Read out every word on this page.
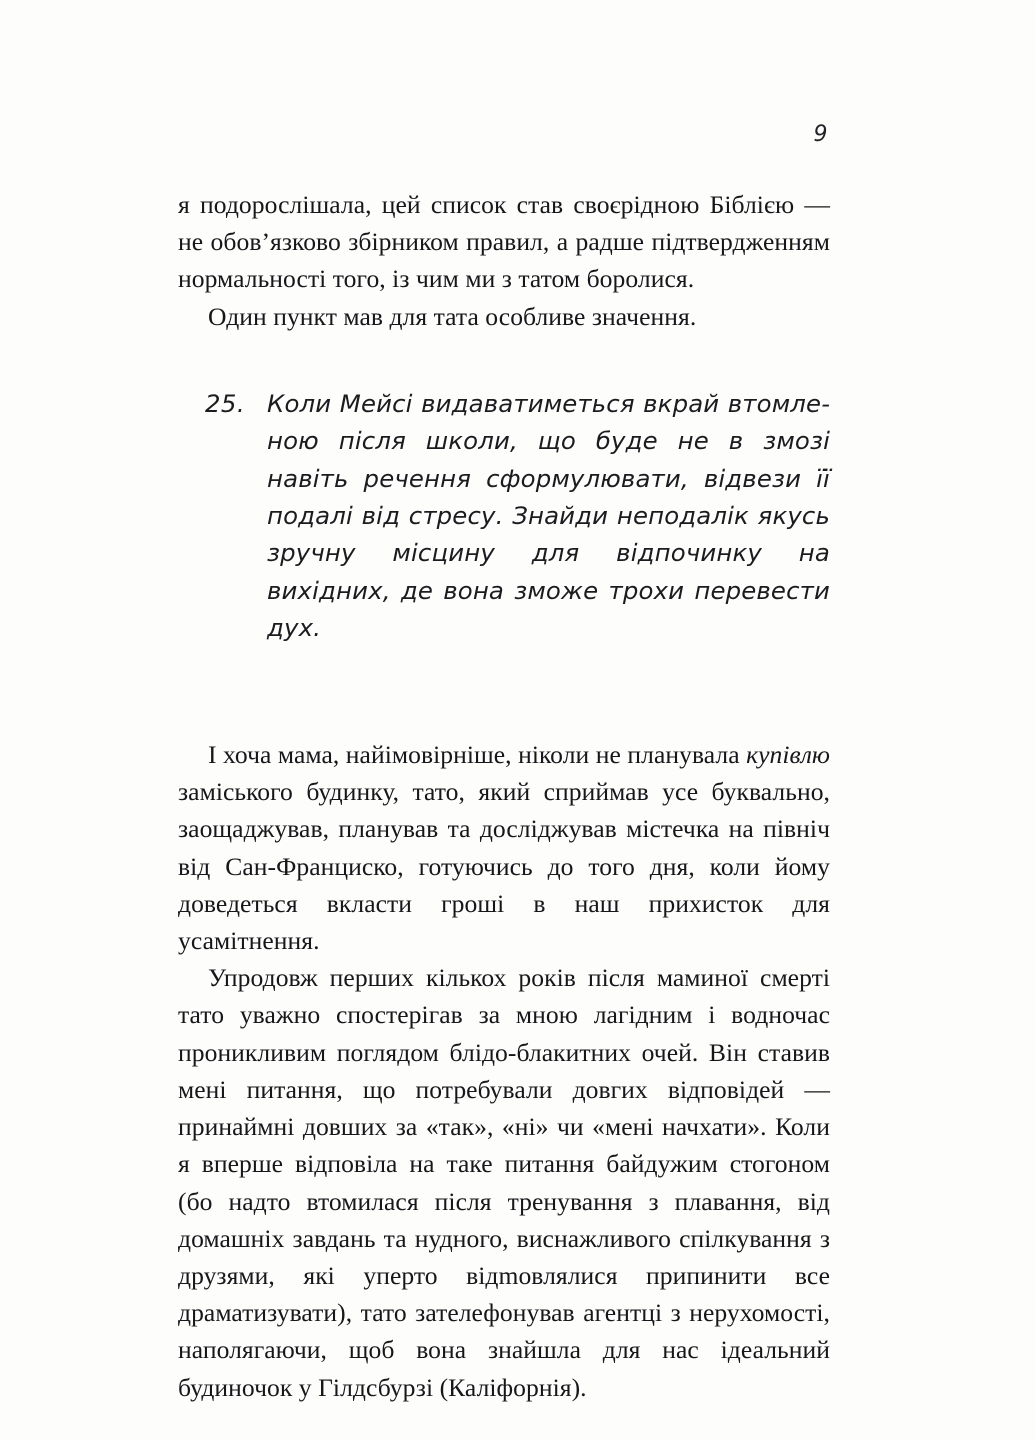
9

я подорослішала, цей список став своєрідною Біблією — не обов’язково збірником правил, а радше підтвердженням нормальності того, із чим ми з татом боролися.

Один пункт мав для тата особливе значення.

25. Коли Мейсі видаватиметься вкрай втомленою після школи, що буде не в змозі навіть речення сформулювати, відвези її подалі від стресу. Знайди неподалік якусь зручну місцину для відпочинку на вихідних, де вона зможе трохи перевести дух.

І хоча мама, найімовірніше, ніколи не планувала купівлю заміського будинку, тато, який сприймав усе буквально, заощаджував, планував та досліджував містечка на північ від Сан-Франциско, готуючись до того дня, коли йому доведеться вкласти гроші в наш прихисток для усамітнення.

Упродовж перших кількох років після маминої смерті тато уважно спостерігав за мною лагідним і водночас проникливим поглядом блідо-блакитних очей. Він ставив мені питання, що потребували довгих відповідей — принаймні довших за «так», «ні» чи «мені начхати». Коли я вперше відповіла на таке питання байдужим стогоном (бо надто втомилася після тренування з плавання, від домашніх завдань та нудного, виснажливого спілкування з друзями, які уперто відmовлялися припинити все драматизувати), тато зателефонував агентці з нерухомості, наполягаючи, щоб вона знайшла для нас ідеальний будиночок у Гілдсбурзі (Каліфорнія).
